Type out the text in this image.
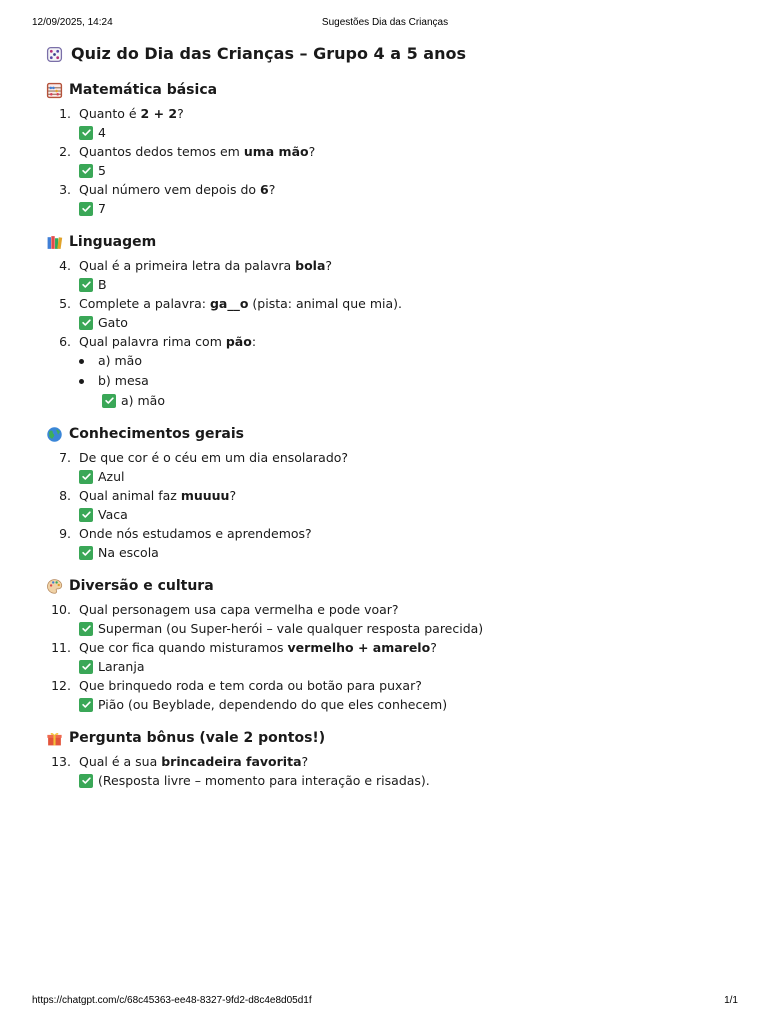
12/09/2025, 14:24	Sugestões Dia das Crianças
Quiz do Dia das Crianças – Grupo 4 a 5 anos
Matemática básica
1. Quanto é 2 + 2?
4
2. Quantos dedos temos em uma mão?
5
3. Qual número vem depois do 6?
7
Linguagem
4. Qual é a primeira letra da palavra bola?
B
5. Complete a palavra: ga__o (pista: animal que mia).
Gato
6. Qual palavra rima com pão:
a) mão
b) mesa
a) mão
Conhecimentos gerais
7. De que cor é o céu em um dia ensolarado?
Azul
8. Qual animal faz muuuu?
Vaca
9. Onde nós estudamos e aprendemos?
Na escola
Diversão e cultura
10. Qual personagem usa capa vermelha e pode voar?
Superman (ou Super-herói – vale qualquer resposta parecida)
11. Que cor fica quando misturamos vermelho + amarelo?
Laranja
12. Que brinquedo roda e tem corda ou botão para puxar?
Pião (ou Beyblade, dependendo do que eles conhecem)
Pergunta bônus (vale 2 pontos!)
13. Qual é a sua brincadeira favorita?
(Resposta livre – momento para interação e risadas).
https://chatgpt.com/c/68c45363-ee48-8327-9fd2-d8c4e8d05d1f	1/1
